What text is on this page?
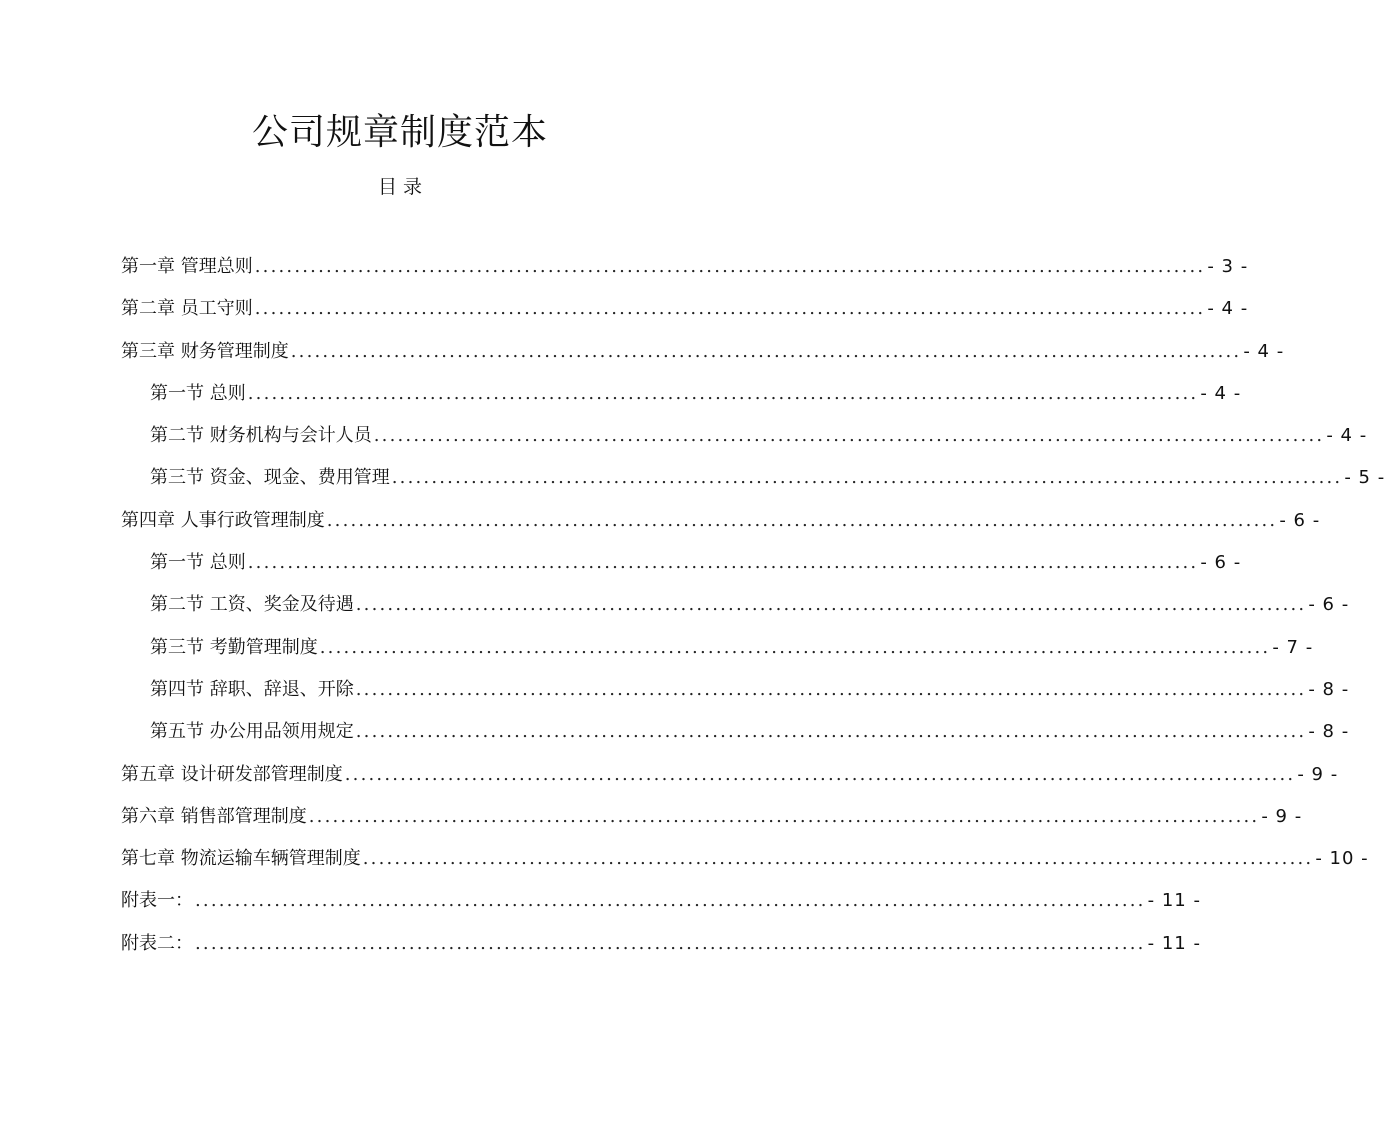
公司规章制度范本
目 录
第一章 管理总则 ........................................................................................................................ - 3 -
第二章 员工守则 ........................................................................................................................ - 4 -
第三章 财务管理制度 ........................................................................................................................ - 4 -
第一节 总则 ........................................................................................................................ - 4 -
第二节 财务机构与会计人员 ........................................................................................................................ - 4 -
第三节 资金、现金、费用管理 ........................................................................................................................ - 5 -
第四章 人事行政管理制度 ........................................................................................................................ - 6 -
第一节 总则 ........................................................................................................................ - 6 -
第二节 工资、奖金及待遇 ........................................................................................................................ - 6 -
第三节 考勤管理制度 ........................................................................................................................ - 7 -
第四节 辞职、辞退、开除 ........................................................................................................................ - 8 -
第五节 办公用品领用规定 ........................................................................................................................ - 8 -
第五章 设计研发部管理制度 ........................................................................................................................ - 9 -
第六章 销售部管理制度 ........................................................................................................................ - 9 -
第七章 物流运输车辆管理制度 ........................................................................................................................ - 10 -
附表一： ........................................................................................................................ - 11 -
附表二： ........................................................................................................................ - 11 -
